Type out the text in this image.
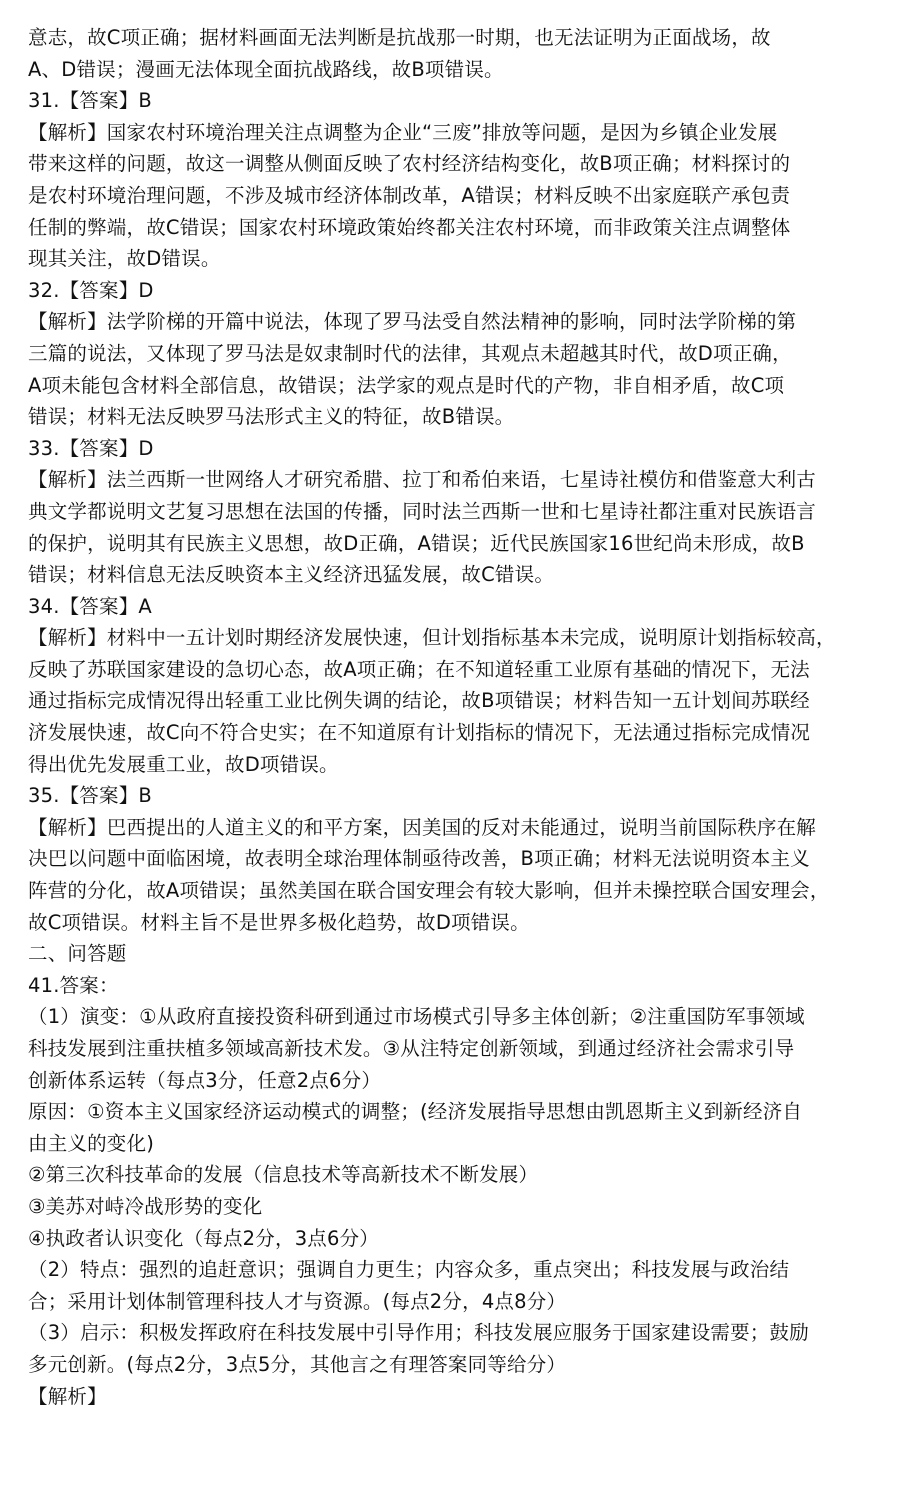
意志，故C项正确；据材料画面无法判断是抗战那一时期，也无法证明为正面战场，故
A、D错误；漫画无法体现全面抗战路线，故B项错误。
31.【答案】B
【解析】国家农村环境治理关注点调整为企业“三废”排放等问题，是因为乡镇企业发展
带来这样的问题，故这一调整从侧面反映了农村经济结构变化，故B项正确；材料探讨的
是农村环境治理问题，不涉及城市经济体制改革，A错误；材料反映不出家庭联产承包责
任制的弊端，故C错误；国家农村环境政策始终都关注农村环境，而非政策关注点调整体
现其关注，故D错误。
32.【答案】D
【解析】法学阶梯的开篇中说法，体现了罗马法受自然法精神的影响，同时法学阶梯的第
三篇的说法，又体现了罗马法是奴隶制时代的法律，其观点未超越其时代，故D项正确，
A项未能包含材料全部信息，故错误；法学家的观点是时代的产物，非自相矛盾，故C项
错误；材料无法反映罗马法形式主义的特征，故B错误。
33.【答案】D
【解析】法兰西斯一世网络人才研究希腊、拉丁和希伯来语，七星诗社模仿和借鉴意大利古
典文学都说明文艺复习思想在法国的传播，同时法兰西斯一世和七星诗社都注重对民族语言
的保护，说明其有民族主义思想，故D正确，A错误；近代民族国家16世纪尚未形成，故B
错误；材料信息无法反映资本主义经济迅猛发展，故C错误。
34.【答案】A
【解析】材料中一五计划时期经济发展快速，但计划指标基本未完成，说明原计划指标较高，
反映了苏联国家建设的急切心态，故A项正确；在不知道轻重工业原有基础的情况下，无法
通过指标完成情况得出轻重工业比例失调的结论，故B项错误；材料告知一五计划间苏联经
济发展快速，故C向不符合史实；在不知道原有计划指标的情况下，无法通过指标完成情况
得出优先发展重工业，故D项错误。
35.【答案】B
【解析】巴西提出的人道主义的和平方案，因美国的反对未能通过，说明当前国际秩序在解
决巴以问题中面临困境，故表明全球治理体制亟待改善，B项正确；材料无法说明资本主义
阵营的分化，故A项错误；虽然美国在联合国安理会有较大影响，但并未操控联合国安理会，
故C项错误。材料主旨不是世界多极化趋势，故D项错误。
二、问答题
41.答案：
（1）演变：①从政府直接投资科研到通过市场模式引导多主体创新；②注重国防军事领域
科技发展到注重扶植多领域高新技术发。③从注特定创新领域，到通过经济社会需求引导
创新体系运转（每点3分，任意2点6分）
原因：①资本主义国家经济运动模式的调整；(经济发展指导思想由凯恩斯主义到新经济自
由主义的变化)
②第三次科技革命的发展（信息技术等高新技术不断发展）
③美苏对峙冷战形势的变化
④执政者认识变化（每点2分，3点6分）
（2）特点：强烈的追赶意识；强调自力更生；内容众多，重点突出；科技发展与政治结
合；采用计划体制管理科技人才与资源。(每点2分，4点8分）
（3）启示：积极发挥政府在科技发展中引导作用；科技发展应服务于国家建设需要；鼓励
多元创新。(每点2分，3点5分，其他言之有理答案同等给分）
【解析】
